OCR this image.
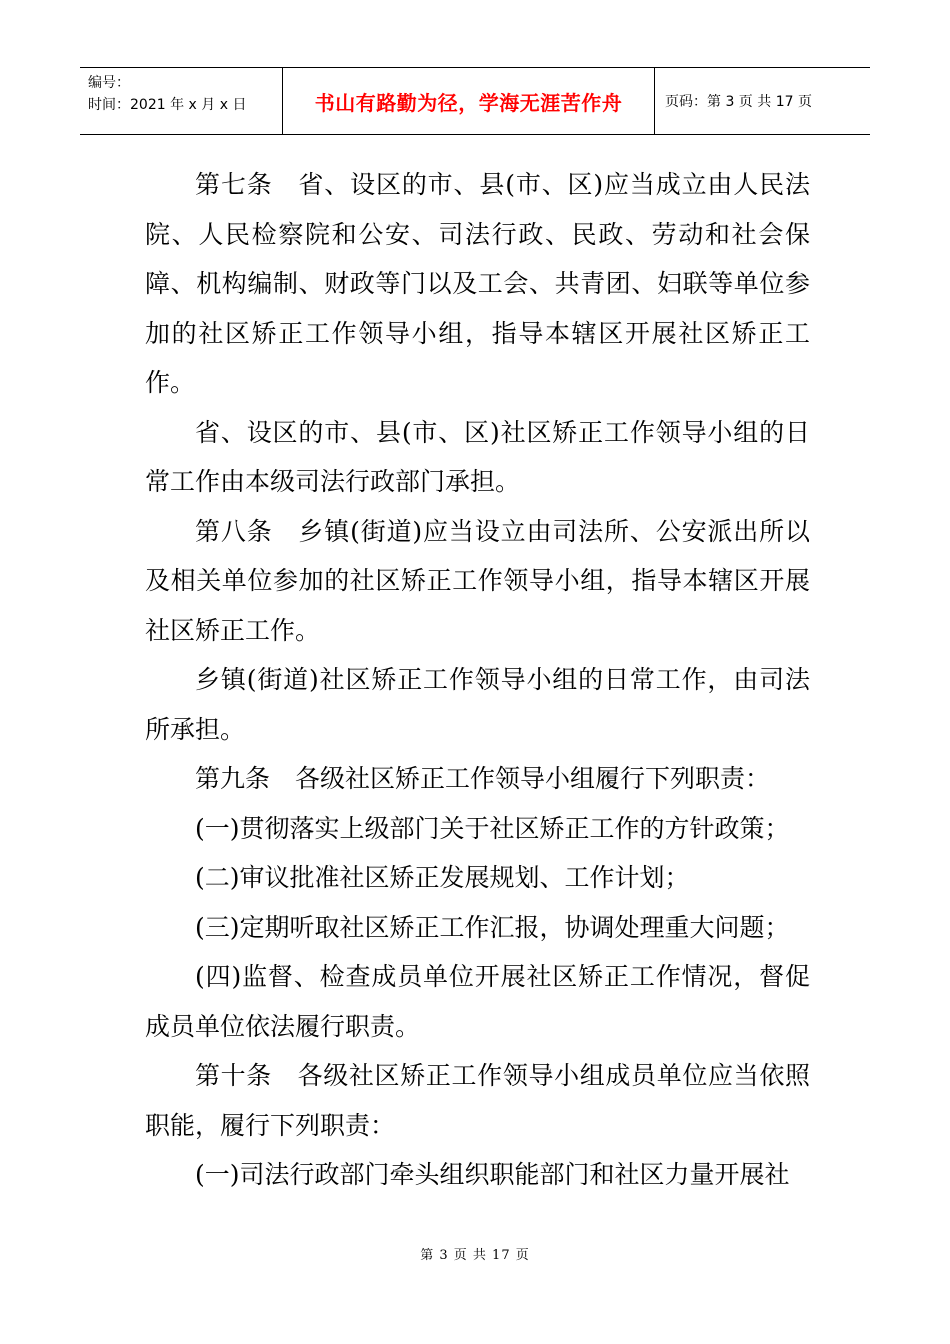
编号：
时间：2021 年 x 月 x 日	书山有路勤为径，学海无涯苦作舟	页码：第 3 页 共 17 页

第七条　省、设区的市、县(市、区)应当成立由人民法院、人民检察院和公安、司法行政、民政、劳动和社会保障、机构编制、财政等门以及工会、共青团、妇联等单位参加的社区矫正工作领导小组，指导本辖区开展社区矫正工作。

省、设区的市、县(市、区)社区矫正工作领导小组的日常工作由本级司法行政部门承担。

第八条　乡镇(街道)应当设立由司法所、公安派出所以及相关单位参加的社区矫正工作领导小组，指导本辖区开展社区矫正工作。

乡镇(街道)社区矫正工作领导小组的日常工作，由司法所承担。

第九条　各级社区矫正工作领导小组履行下列职责：

(一)贯彻落实上级部门关于社区矫正工作的方针政策；

(二)审议批准社区矫正发展规划、工作计划；

(三)定期听取社区矫正工作汇报，协调处理重大问题；

(四)监督、检查成员单位开展社区矫正工作情况，督促成员单位依法履行职责。

第十条　各级社区矫正工作领导小组成员单位应当依照职能，履行下列职责：

(一)司法行政部门牵头组织职能部门和社区力量开展社

第 3 页 共 17 页
